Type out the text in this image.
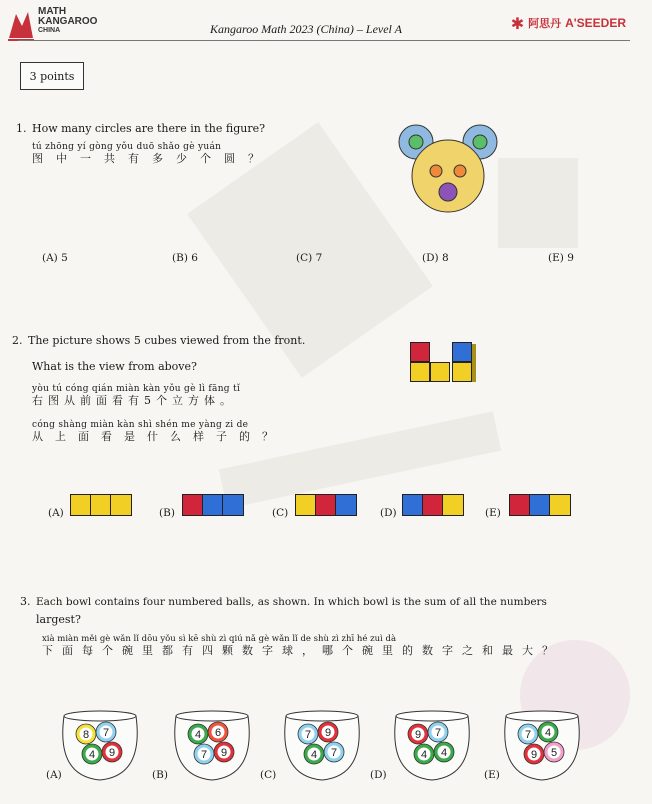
MATH
KANGAROO
CHINA	Kangaroo Math 2023 (China) – Level A	✱ 阿思丹 A'SEEDER
3 points
1. How many circles are there in the figure?
tú zhōng yí gòng yǒu duō shǎo gè yuán
图中一共有多少个圆？
(A) 5	(B) 6	(C) 7	(D) 8	(E) 9
2. The picture shows 5 cubes viewed from the front.
What is the view from above?
yòu tú cóng qián miàn kàn yǒu gè lì fāng tǐ
右图从前面看有5个立方体。
cóng shàng miàn kàn shì shén me yàng zi de
从上面看是什么样子的？
(A)	(B)	(C)	(D)	(E)
3. Each bowl contains four numbered balls, as shown. In which bowl is the sum of all the numbers
largest?
xià miàn měi gè wǎn lǐ dōu yǒu sì kē shù zì qiú nǎ gè wǎn lǐ de shù zì zhī hé zuì dà
下面每个碗里都有四颗数字球，哪个碗里的数字之和最大？
8 7
4 9
(A)
4 6
7 9
(B)
7 9
4 7
(C)
9 7
4 4
(D)
7 4
9 5
(E)
